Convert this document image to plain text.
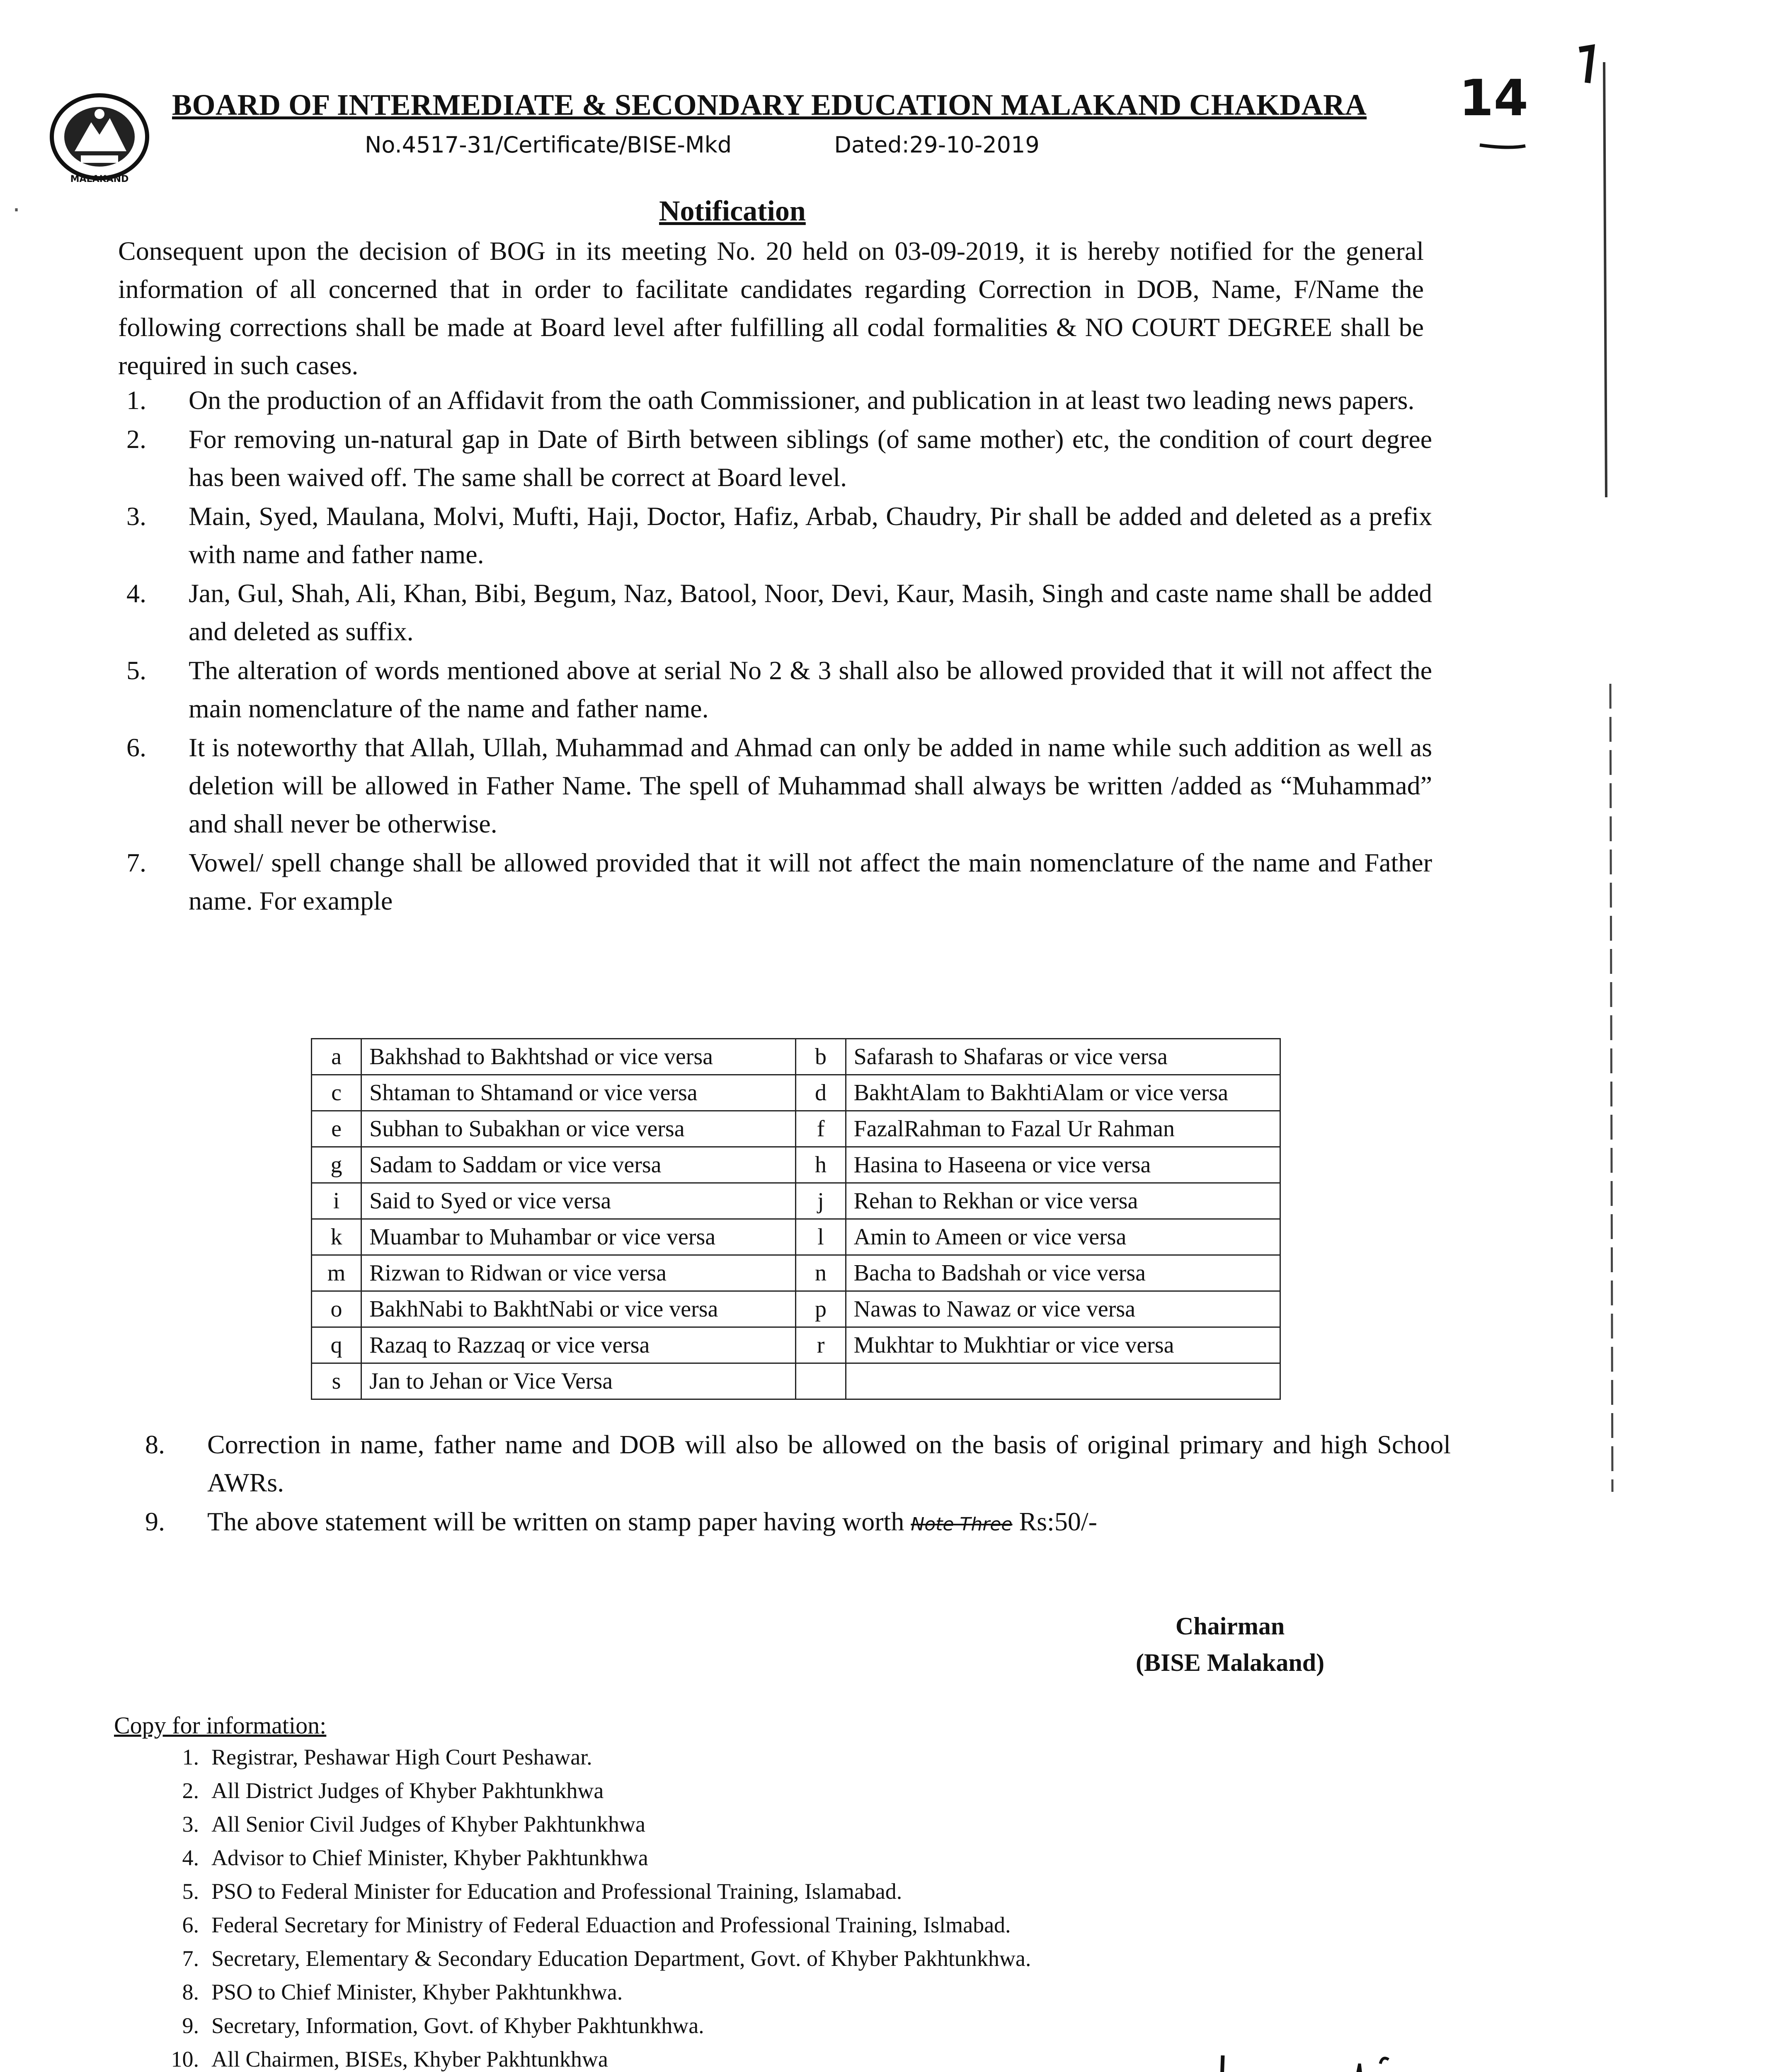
.
MALAKAND
BOARD OF INTERMEDIATE & SECONDARY EDUCATION MALAKAND CHAKDARA
No.4517-31/Certificate/BISE-Mkd	Dated:29-10-2019
14
Notification
Consequent upon the decision of BOG in its meeting No. 20 held on 03-09-2019, it is hereby notified for the general information of all concerned that in order to facilitate candidates regarding Correction in DOB, Name, F/Name the following corrections shall be made at Board level after fulfilling all codal formalities & NO COURT DEGREE shall be required in such cases.
1.	On the production of an Affidavit from the oath Commissioner, and publication in at least two leading news papers.
2.	For removing un-natural gap in Date of Birth between siblings (of same mother) etc, the condition of court degree has been waived off. The same shall be correct at Board level.
3.	Main, Syed, Maulana, Molvi, Mufti, Haji, Doctor, Hafiz, Arbab, Chaudry, Pir shall be added and deleted as a prefix with name and father name.
4.	Jan, Gul, Shah, Ali, Khan, Bibi, Begum, Naz, Batool, Noor, Devi, Kaur, Masih, Singh and caste name shall be added and deleted as suffix.
5.	The alteration of words mentioned above at serial No 2 & 3 shall also be allowed provided that it will not affect the main nomenclature of the name and father name.
6.	It is noteworthy that Allah, Ullah, Muhammad and Ahmad can only be added in name while such addition as well as deletion will be allowed in Father Name. The spell of Muhammad shall always be written /added as “Muhammad” and shall never be otherwise.
7.	Vowel/ spell change shall be allowed provided that it will not affect the main nomenclature of the name and Father name. For example
a	Bakhshad to Bakhtshad or vice versa	b	Safarash to Shafaras or vice versa
c	Shtaman to Shtamand or vice versa	d	BakhtAlam to BakhtiAlam or vice versa
e	Subhan to Subakhan or vice versa	f	FazalRahman to Fazal Ur Rahman
g	Sadam to Saddam or vice versa	h	Hasina to Haseena or vice versa
i	Said to Syed or vice versa	j	Rehan to Rekhan or vice versa
k	Muambar to Muhambar or vice versa	l	Amin to Ameen or vice versa
m	Rizwan to Ridwan or vice versa	n	Bacha to Badshah or vice versa
o	BakhNabi to BakhtNabi or vice versa	p	Nawas to Nawaz or vice versa
q	Razaq to Razzaq or vice versa	r	Mukhtar to Mukhtiar or vice versa
s	Jan to Jehan or Vice Versa		
8.	Correction in name, father name and DOB will also be allowed on the basis of original primary and high School AWRs.
9.	The above statement will be written on stamp paper having worth Note Three Rs:50/-
Chairman
(BISE Malakand)
Copy for information:
1. Registrar, Peshawar High Court Peshawar.
2. All District Judges of Khyber Pakhtunkhwa
3. All Senior Civil Judges of Khyber Pakhtunkhwa
4. Advisor to Chief Minister, Khyber Pakhtunkhwa
5. PSO to Federal Minister for Education and Professional Training, Islamabad.
6. Federal Secretary for Ministry of Federal Eduaction and Professional Training, Islmabad.
7. Secretary, Elementary & Secondary Education Department, Govt. of Khyber Pakhtunkhwa.
8. PSO to Chief Minister, Khyber Pakhtunkhwa.
9. Secretary, Information, Govt. of Khyber Pakhtunkhwa.
10. All Chairmen, BISEs, Khyber Pakhtunkhwa
